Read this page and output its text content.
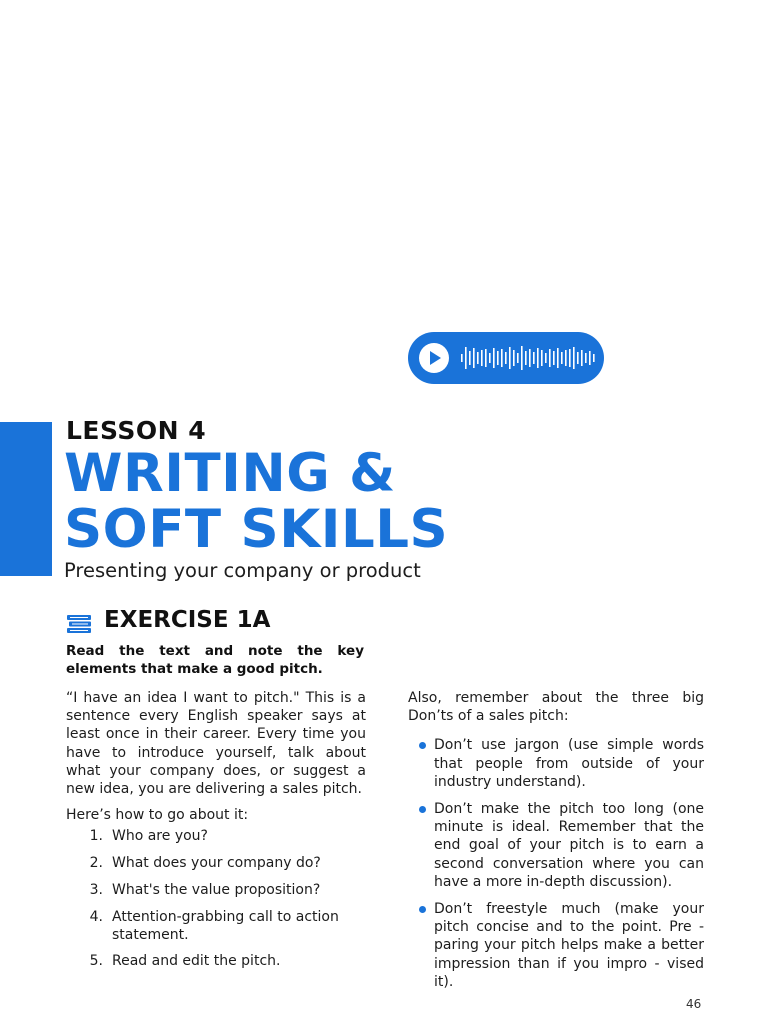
LESSON 4
WRITING &
SOFT SKILLS
Presenting your company or product
EXERCISE 1A
Read the text and note the key elements that make a good pitch.

“I have an idea I want to pitch." This is a sentence every English speaker says at least once in their career. Every time you have to introduce yourself, talk about what your company does, or suggest a new idea, you are delivering a sales pitch.

Here’s how to go about it:

1. Who are you?
2. What does your company do?
3. What's the value proposition?
4. Attention-grabbing call to action statement.
5. Read and edit the pitch.

Also, remember about the three big Don’ts of a sales pitch:

Don’t use jargon (use simple words that people from outside of your industry understand).
Don’t make the pitch too long (one minute is ideal. Remember that the end goal of your pitch is to earn a second conversation where you can have a more in-depth discussion).
Don’t freestyle much (make your pitch concise and to the point. Pre - paring your pitch helps make a better impression than if you impro - vised it).
46
